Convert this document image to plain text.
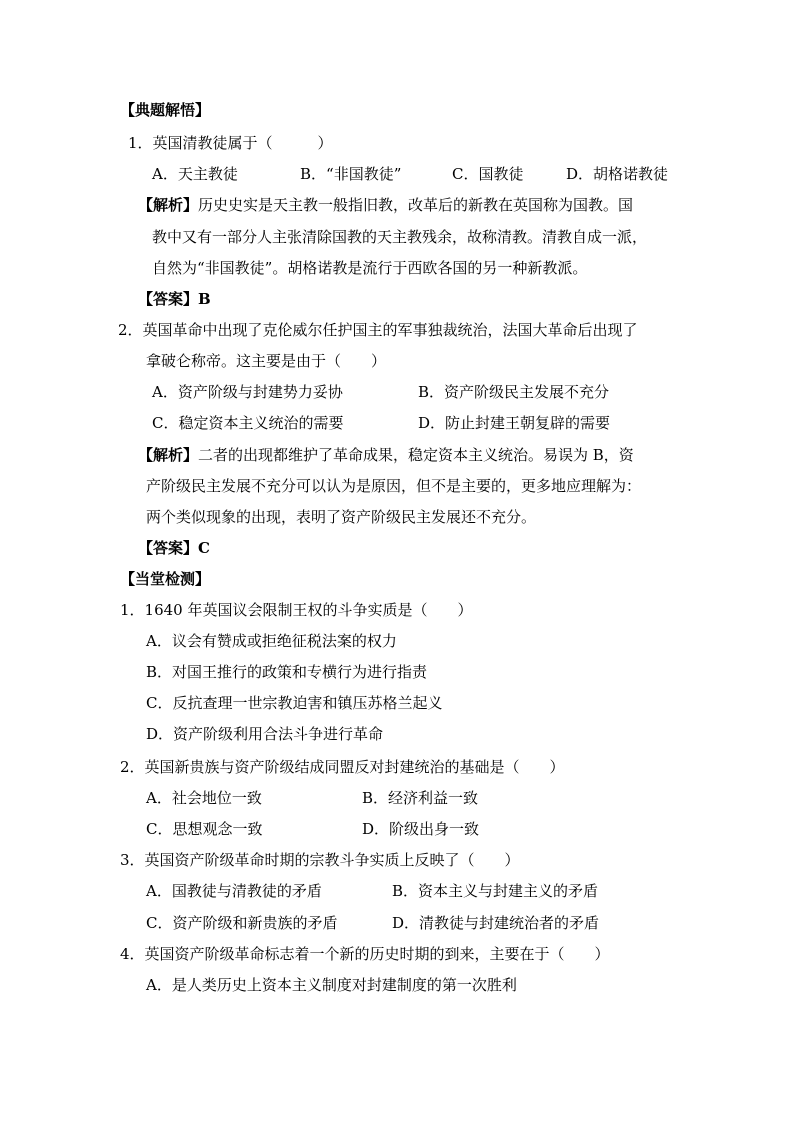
【典题解悟】
1．英国清教徒属于（　　　）
A．天主教徒	B．“非国教徒”	C．国教徒	D．胡格诺教徒
【解析】历史史实是天主教一般指旧教，改革后的新教在英国称为国教。国
教中又有一部分人主张清除国教的天主教残余，故称清教。清教自成一派，
自然为“非国教徒”。胡格诺教是流行于西欧各国的另一种新教派。
【答案】B
2．英国革命中出现了克伦威尔任护国主的军事独裁统治，法国大革命后出现了
拿破仑称帝。这主要是由于（　　）
A．资产阶级与封建势力妥协	B．资产阶级民主发展不充分
C．稳定资本主义统治的需要	D．防止封建王朝复辟的需要
【解析】二者的出现都维护了革命成果，稳定资本主义统治。易误为 B，资
产阶级民主发展不充分可以认为是原因，但不是主要的，更多地应理解为：
两个类似现象的出现，表明了资产阶级民主发展还不充分。
【答案】C
【当堂检测】
1．1640 年英国议会限制王权的斗争实质是（　　）
A．议会有赞成或拒绝征税法案的权力
B．对国王推行的政策和专横行为进行指责
C．反抗查理一世宗教迫害和镇压苏格兰起义
D．资产阶级利用合法斗争进行革命
2．英国新贵族与资产阶级结成同盟反对封建统治的基础是（　　）
A．社会地位一致	B．经济利益一致
C．思想观念一致	D．阶级出身一致
3．英国资产阶级革命时期的宗教斗争实质上反映了（　　）
A．国教徒与清教徒的矛盾	B．资本主义与封建主义的矛盾
C．资产阶级和新贵族的矛盾	D．清教徒与封建统治者的矛盾
4．英国资产阶级革命标志着一个新的历史时期的到来，主要在于（　　）
A．是人类历史上资本主义制度对封建制度的第一次胜利
